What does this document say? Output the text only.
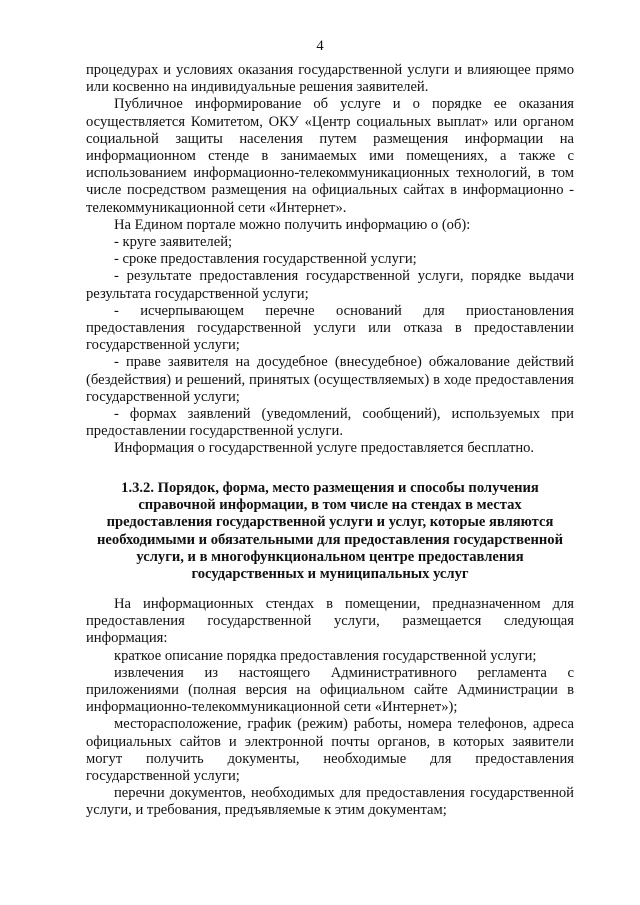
4

процедурах и условиях оказания государственной услуги и влияющее прямо или косвенно на индивидуальные решения заявителей.

Публичное информирование об услуге и о порядке ее оказания осуществляется Комитетом, ОКУ «Центр социальных выплат» или органом социальной защиты населения путем размещения информации на информационном стенде в занимаемых ими помещениях, а также с использованием информационно-телекоммуникационных технологий, в том числе посредством размещения на официальных сайтах в информационно - телекоммуникационной сети «Интернет».

На Едином портале можно получить информацию о (об):

- круге заявителей;

- сроке предоставления государственной услуги;

- результате предоставления государственной услуги, порядке выдачи результата государственной услуги;

- исчерпывающем перечне оснований для приостановления предоставления государственной услуги или отказа в предоставлении государственной услуги;

- праве заявителя на досудебное (внесудебное) обжалование действий (бездействия) и решений, принятых (осуществляемых) в ходе предоставления государственной услуги;

- формах заявлений (уведомлений, сообщений), используемых при предоставлении государственной услуги.

Информация о государственной услуге предоставляется бесплатно.

1.3.2. Порядок, форма, место размещения и способы получения справочной информации, в том числе на стендах в местах предоставления государственной услуги и услуг, которые являются необходимыми и обязательными для предоставления государственной услуги, и в многофункциональном центре предоставления государственных и муниципальных услуг

На информационных стендах в помещении, предназначенном для предоставления государственной услуги, размещается следующая информация:

краткое описание порядка предоставления государственной услуги;

извлечения из настоящего Административного регламента с приложениями (полная версия на официальном сайте Администрации в информационно-телекоммуникационной сети «Интернет»);

месторасположение, график (режим) работы, номера телефонов, адреса официальных сайтов и электронной почты органов, в которых заявители могут получить документы, необходимые для предоставления государственной услуги;

перечни документов, необходимых для предоставления государственной услуги, и требования, предъявляемые к этим документам;
